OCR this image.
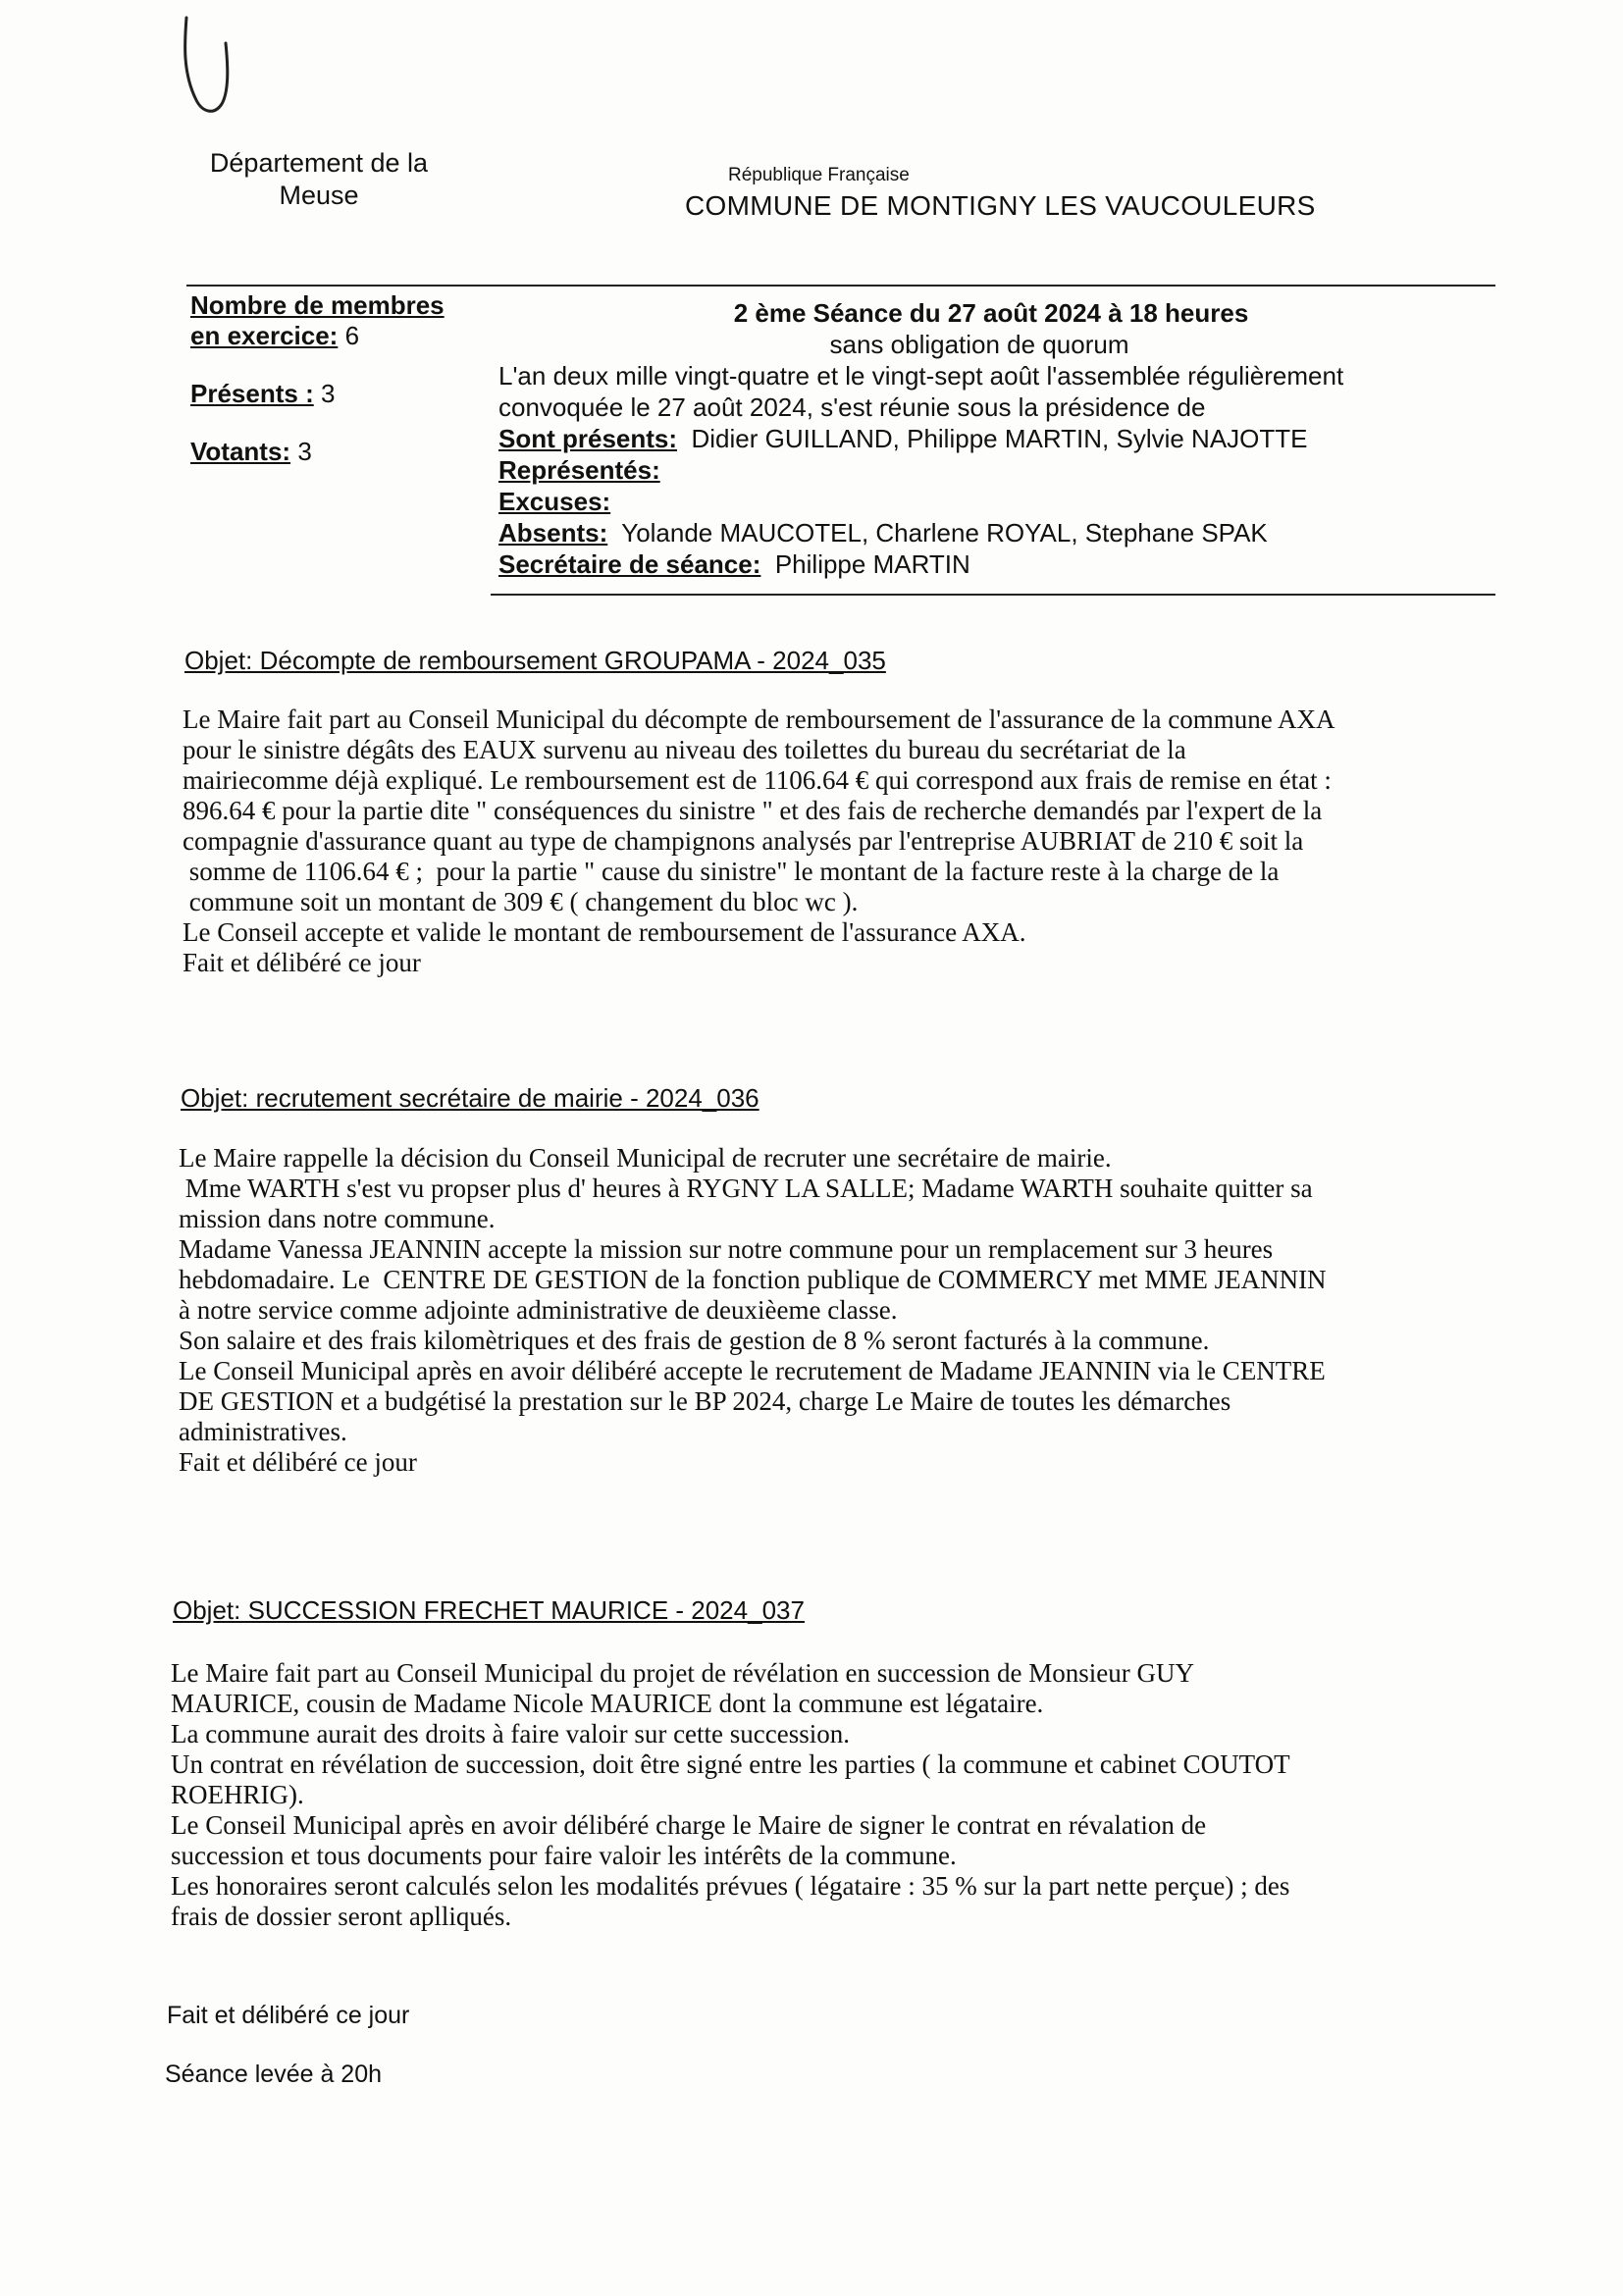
Département de la Meuse
République Française
COMMUNE DE MONTIGNY LES VAUCOULEURS
Nombre de membres
en exercice: 6
Présents : 3
Votants: 3
2 ème Séance du 27 août 2024 à 18 heures
sans obligation de quorum
L'an deux mille vingt-quatre et le vingt-sept août l'assemblée régulièrement
convoquée le 27 août 2024, s'est réunie sous la présidence de
Sont présents: Didier GUILLAND, Philippe MARTIN, Sylvie NAJOTTE
Représentés:
Excuses:
Absents: Yolande MAUCOTEL, Charlene ROYAL, Stephane SPAK
Secrétaire de séance: Philippe MARTIN
Objet: Décompte de remboursement GROUPAMA - 2024_035

Le Maire fait part au Conseil Municipal du décompte de remboursement de l'assurance de la commune AXA

pour le sinistre dégâts des EAUX survenu au niveau des toilettes du bureau du secrétariat de la

mairiecomme déjà expliqué. Le remboursement est de 1106.64 € qui correspond aux frais de remise en état :

896.64 € pour la partie dite " conséquences du sinistre " et des fais de recherche demandés par l'expert de la

compagnie d'assurance quant au type de champignons analysés par l'entreprise AUBRIAT de 210 € soit la

somme de 1106.64 € ;  pour la partie " cause du sinistre" le montant de la facture reste à la charge de la

commune soit un montant de 309 € ( changement du bloc wc ).

Le Conseil accepte et valide le montant de remboursement de l'assurance AXA.

Fait et délibéré ce jour

Objet: recrutement secrétaire de mairie - 2024_036

Le Maire rappelle la décision du Conseil Municipal de recruter une secrétaire de mairie.

Mme WARTH s'est vu propser plus d' heures à RYGNY LA SALLE; Madame WARTH souhaite quitter sa

mission dans notre commune.

Madame Vanessa JEANNIN accepte la mission sur notre commune pour un remplacement sur 3 heures

hebdomadaire. Le  CENTRE DE GESTION de la fonction publique de COMMERCY met MME JEANNIN

à notre service comme adjointe administrative de deuxièeme classe.

Son salaire et des frais kilomètriques et des frais de gestion de 8 % seront facturés à la commune.

Le Conseil Municipal après en avoir délibéré accepte le recrutement de Madame JEANNIN via le CENTRE

DE GESTION et a budgétisé la prestation sur le BP 2024, charge Le Maire de toutes les démarches

administratives.

Fait et délibéré ce jour

Objet: SUCCESSION FRECHET MAURICE - 2024_037

Le Maire fait part au Conseil Municipal du projet de révélation en succession de Monsieur GUY

MAURICE, cousin de Madame Nicole MAURICE dont la commune est légataire.

La commune aurait des droits à faire valoir sur cette succession.

Un contrat en révélation de succession, doit être signé entre les parties ( la commune et cabinet COUTOT

ROEHRIG).

Le Conseil Municipal après en avoir délibéré charge le Maire de signer le contrat en révalation de

succession et tous documents pour faire valoir les intérêts de la commune.

Les honoraires seront calculés selon les modalités prévues ( légataire : 35 % sur la part nette perçue) ; des

frais de dossier seront aplliqués.

Fait et délibéré ce jour
Séance levée à 20h
